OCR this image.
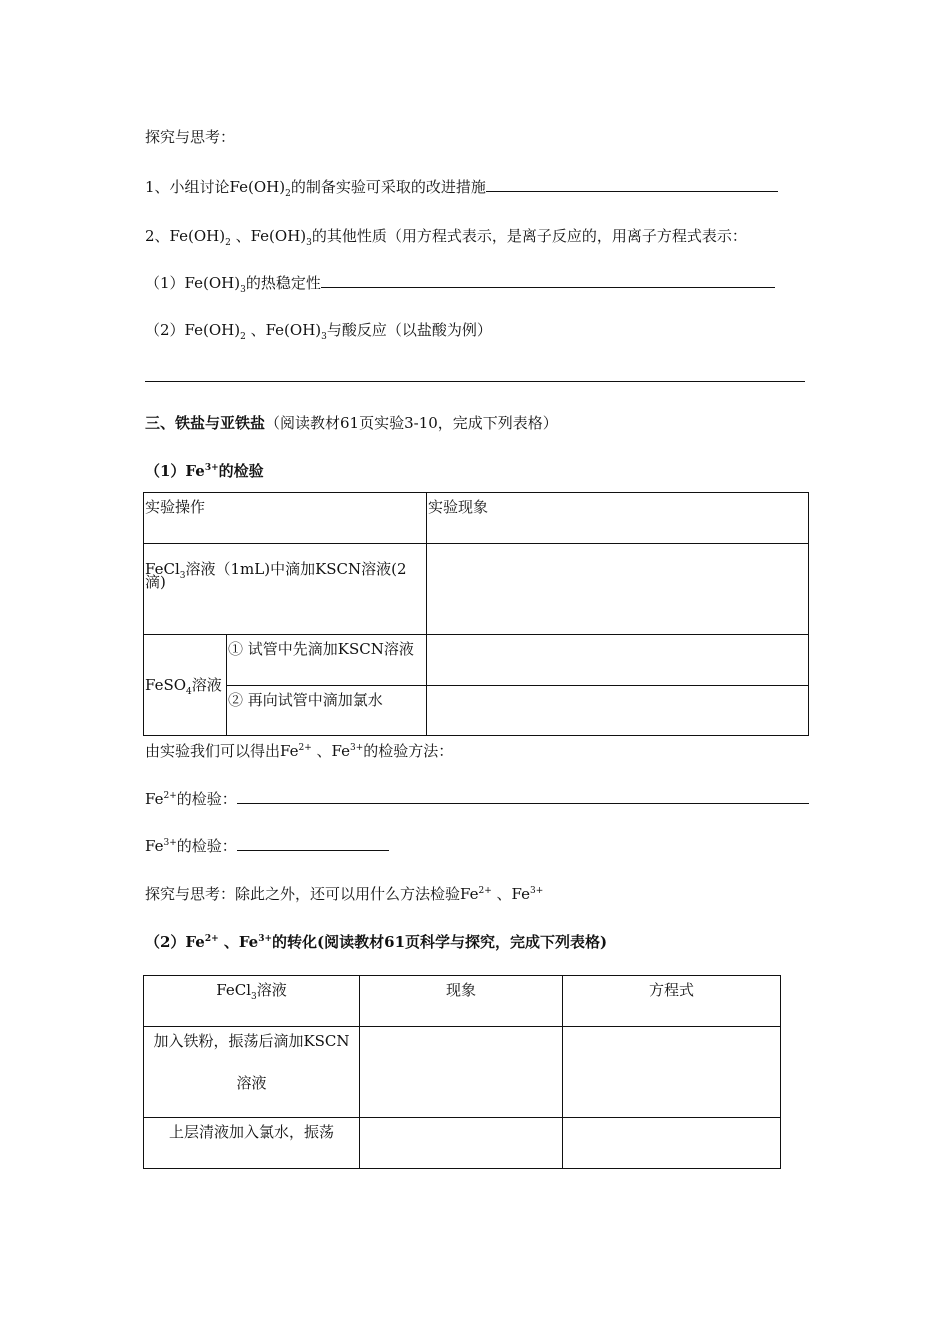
探究与思考：
1、小组讨论$Fe(OH)_2$的制备实验可采取的改进措施
2、$Fe(OH)_2$ 、$Fe(OH)_3$的其他性质（用方程式表示，是离子反应的，用离子方程式表示：
$(1)Fe(OH)_3$的热稳定性
$(2)Fe(OH)_2$ 、$Fe(OH)_3$与酸反应（以盐酸为例）
三、铁盐与亚铁盐（阅读教材61页实验3-10，完成下列表格）
$(1)Fe^{3+}$的检验
实验操作		实验现象

FeCl$_3$溶液（1mL)中滴加KSCN溶液(2
滴)		

FeSO$_4$溶液	① 试管中先滴加KSCN溶液	
	② 再向试管中滴加氯水	
由实验我们可以得出$Fe^{2+}$ 、$Fe^{3+}$的检验方法：
$Fe^{2+}$的检验：
$Fe^{3+}$的检验：
探究与思考：除此之外，还可以用什么方法检验$Fe^{2+}$ 、$Fe^{3+}$
$(2)Fe^{2+}$ 、$Fe^{3+}$的转化(阅读教材61页科学与探究，完成下列表格)
FeCl$_3$溶液	现象	方程式

加入铁粉，振荡后滴加KSCN
溶液		

上层清液加入氯水，振荡		
